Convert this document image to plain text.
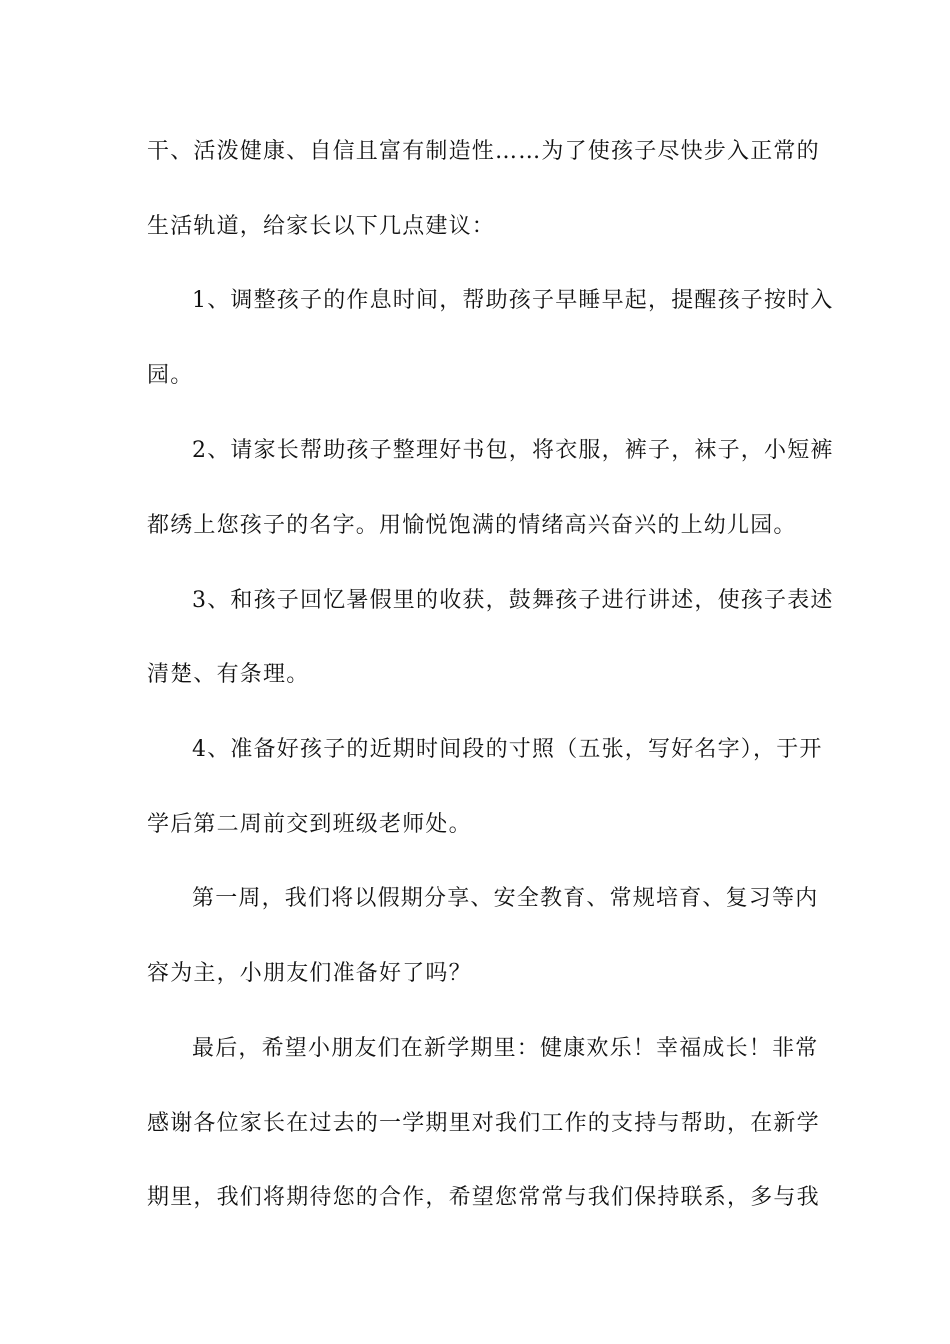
干、活泼健康、自信且富有制造性……为了使孩子尽快步入正常的
生活轨道，给家长以下几点建议：
1、调整孩子的作息时间，帮助孩子早睡早起，提醒孩子按时入
园。
2、请家长帮助孩子整理好书包，将衣服，裤子，袜子，小短裤
都绣上您孩子的名字。用愉悦饱满的情绪高兴奋兴的上幼儿园。
3、和孩子回忆暑假里的收获，鼓舞孩子进行讲述，使孩子表述
清楚、有条理。
4、准备好孩子的近期时间段的寸照（五张，写好名字），于开
学后第二周前交到班级老师处。
第一周，我们将以假期分享、安全教育、常规培育、复习等内
容为主，小朋友们准备好了吗？
最后，希望小朋友们在新学期里：健康欢乐！幸福成长！非常
感谢各位家长在过去的一学期里对我们工作的支持与帮助，在新学
期里，我们将期待您的合作，希望您常常与我们保持联系，多与我
